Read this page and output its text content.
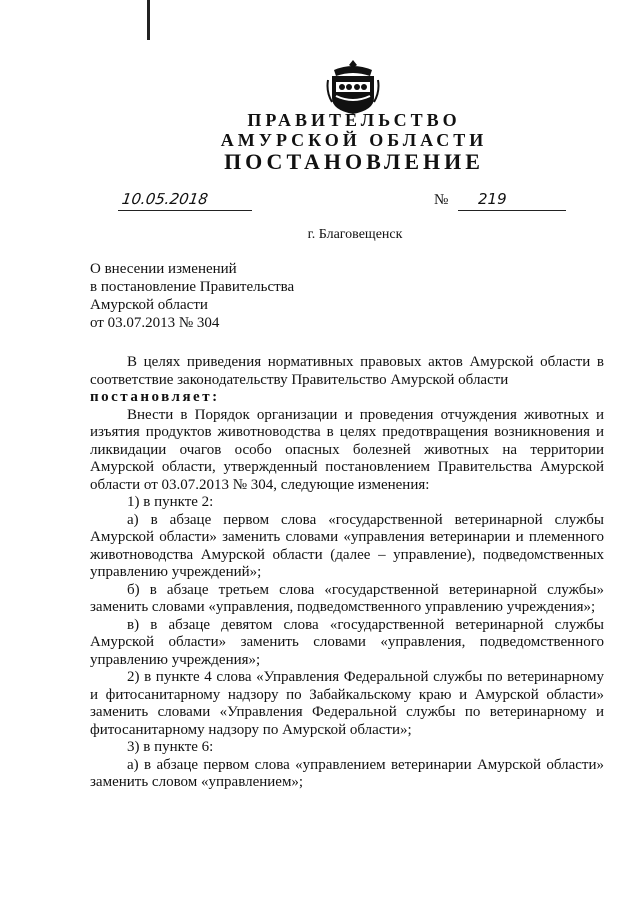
ПРАВИТЕЛЬСТВО
АМУРСКОЙ ОБЛАСТИ
ПОСТАНОВЛЕНИЕ
10.05.2018	№ 219
г. Благовещенск
О внесении изменений
в постановление Правительства
Амурской области
от 03.07.2013 № 304

В целях приведения нормативных правовых актов Амурской области в соответствие законодательству Правительство Амурской области

постановляет:

Внести в Порядок организации и проведения отчуждения животных и изъятия продуктов животноводства в целях предотвращения возникновения и ликвидации очагов особо опасных болезней животных на территории Амурской области, утвержденный постановлением Правительства Амурской области от 03.07.2013 № 304, следующие изменения:

1) в пункте 2:

а) в абзаце первом слова «государственной ветеринарной службы Амурской области» заменить словами «управления ветеринарии и племенного животноводства Амурской области (далее – управление), подведомственных управлению учреждений»;

б) в абзаце третьем слова «государственной ветеринарной службы» заменить словами «управления, подведомственного управлению учреждения»;

в) в абзаце девятом слова «государственной ветеринарной службы Амурской области» заменить словами «управления, подведомственного управлению учреждения»;

2) в пункте 4 слова «Управления Федеральной службы по ветеринарному и фитосанитарному надзору по Забайкальскому краю и Амурской области» заменить словами «Управления Федеральной службы по ветеринарному и фитосанитарному надзору по Амурской области»;

3) в пункте 6:

а) в абзаце первом слова «управлением ветеринарии Амурской области» заменить словом «управлением»;
